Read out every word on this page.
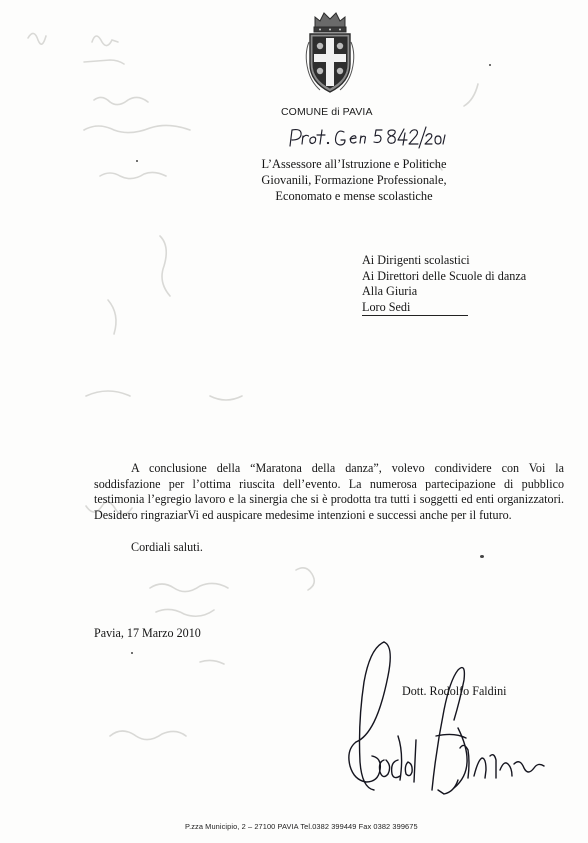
COMUNE di PAVIA
L’Assessore all’Istruzione e Politiche
Giovanili, Formazione Professionale,
Economato e mense scolastiche
Ai Dirigenti scolastici
Ai Direttori delle Scuole di danza
Alla Giuria
Loro Sedi

A conclusione della “Maratona della danza”, volevo condividere con Voi la soddisfazione per l’ottima riuscita dell’evento. La numerosa partecipazione di pubblico testimonia l’egregio lavoro e la sinergia che si è prodotta tra tutti i soggetti ed enti organizzatori. Desidero ringraziarVi ed auspicare medesime intenzioni e successi anche per il futuro.

Cordiali saluti.
Pavia, 17 Marzo 2010
Dott. Rodolfo Faldini
P.zza Municipio, 2 – 27100 PAVIA Tel.0382 399449 Fax 0382 399675
